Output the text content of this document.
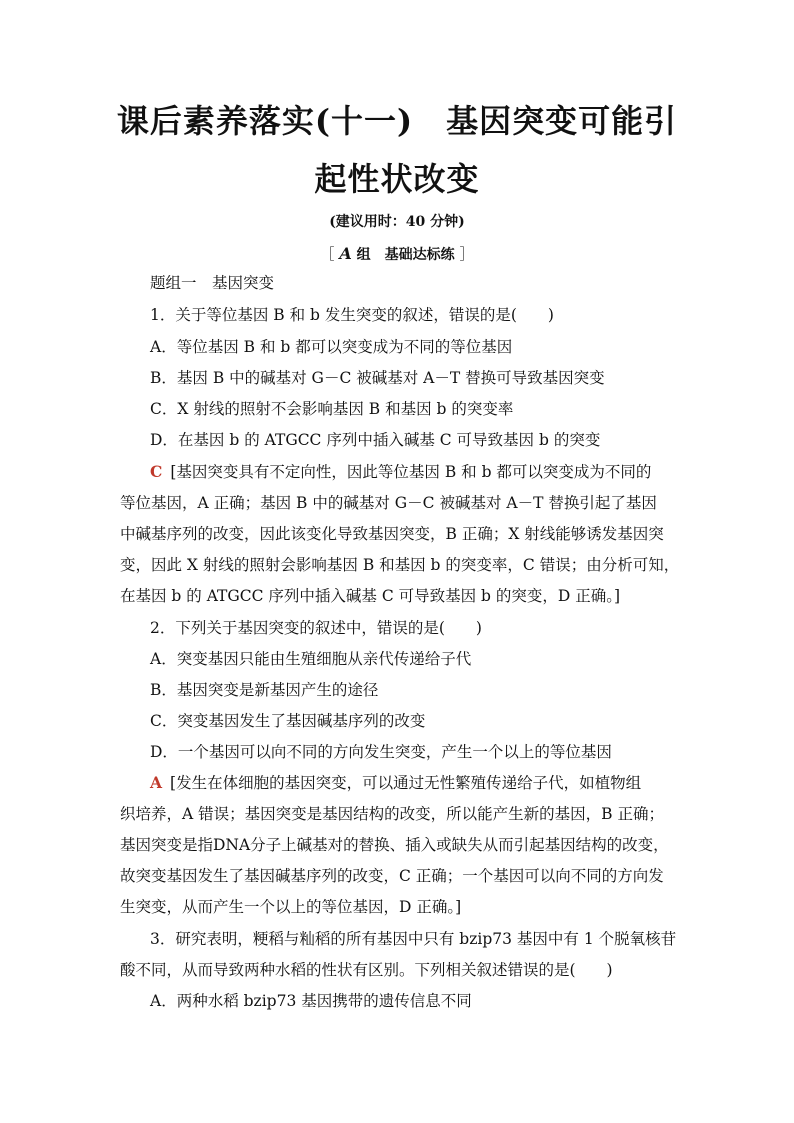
课后素养落实(十一)　基因突变可能引
起性状改变
(建议用时：40 分钟)
［ A 组　基础达标练 ］
题组一　基因突变
1．关于等位基因 B 和 b 发生突变的叙述，错误的是(　　)
A．等位基因 B 和 b 都可以突变成为不同的等位基因
B．基因 B 中的碱基对 G－C 被碱基对 A－T 替换可导致基因突变
C．X 射线的照射不会影响基因 B 和基因 b 的突变率
D．在基因 b 的 ATGCC 序列中插入碱基 C 可导致基因 b 的突变
C [基因突变具有不定向性，因此等位基因 B 和 b 都可以突变成为不同的
等位基因，A 正确；基因 B 中的碱基对 G－C 被碱基对 A－T 替换引起了基因
中碱基序列的改变，因此该变化导致基因突变，B 正确；X 射线能够诱发基因突
变，因此 X 射线的照射会影响基因 B 和基因 b 的突变率，C 错误；由分析可知，
在基因 b 的 ATGCC 序列中插入碱基 C 可导致基因 b 的突变，D 正确。]
2．下列关于基因突变的叙述中，错误的是(　　)
A．突变基因只能由生殖细胞从亲代传递给子代
B．基因突变是新基因产生的途径
C．突变基因发生了基因碱基序列的改变
D．一个基因可以向不同的方向发生突变，产生一个以上的等位基因
A [发生在体细胞的基因突变，可以通过无性繁殖传递给子代，如植物组
织培养，A 错误；基因突变是基因结构的改变，所以能产生新的基因，B 正确；
基因突变是指DNA分子上碱基对的替换、插入或缺失从而引起基因结构的改变，
故突变基因发生了基因碱基序列的改变，C 正确；一个基因可以向不同的方向发
生突变，从而产生一个以上的等位基因，D 正确。]
3．研究表明，粳稻与籼稻的所有基因中只有 bzip73 基因中有 1 个脱氧核苷
酸不同，从而导致两种水稻的性状有区别。下列相关叙述错误的是(　　)
A．两种水稻 bzip73 基因携带的遗传信息不同
